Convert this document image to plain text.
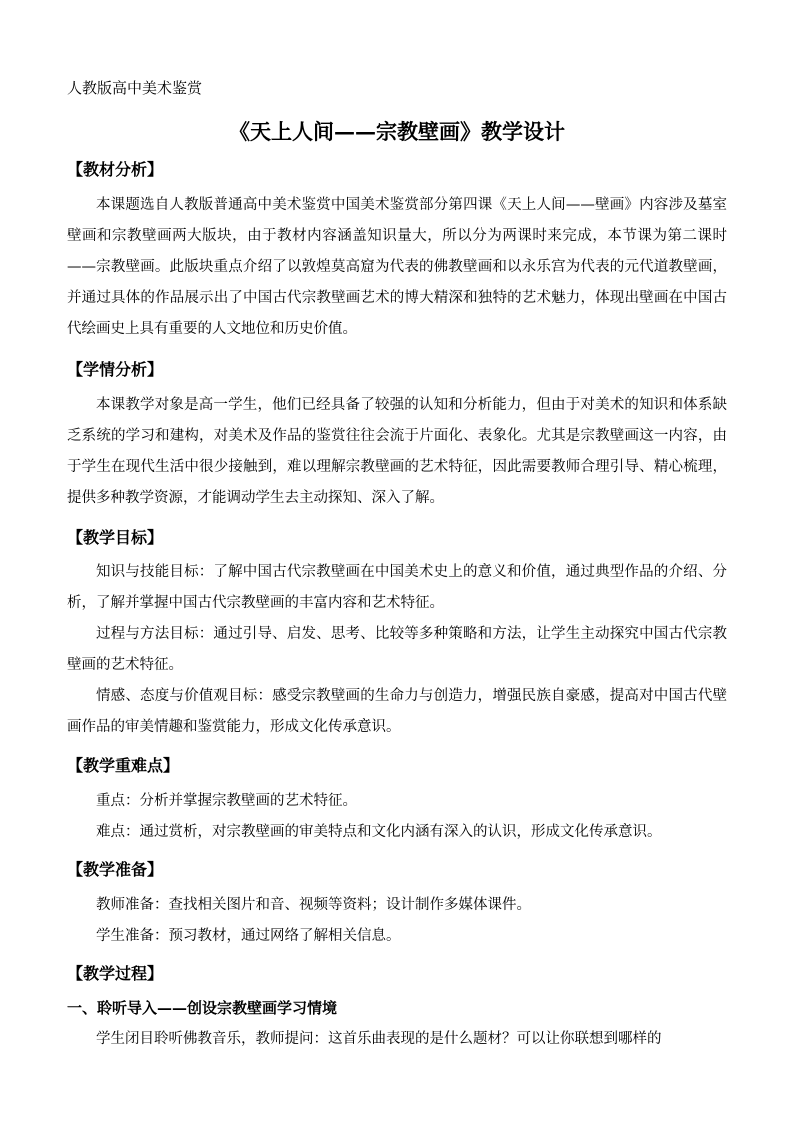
人教版高中美术鉴赏
《天上人间——宗教壁画》教学设计
【教材分析】

本课题选自人教版普通高中美术鉴赏中国美术鉴赏部分第四课《天上人间——壁画》内容涉及墓室壁画和宗教壁画两大版块，由于教材内容涵盖知识量大，所以分为两课时来完成，本节课为第二课时——宗教壁画。此版块重点介绍了以敦煌莫高窟为代表的佛教壁画和以永乐宫为代表的元代道教壁画，并通过具体的作品展示出了中国古代宗教壁画艺术的博大精深和独特的艺术魅力，体现出壁画在中国古代绘画史上具有重要的人文地位和历史价值。

【学情分析】

本课教学对象是高一学生，他们已经具备了较强的认知和分析能力，但由于对美术的知识和体系缺乏系统的学习和建构，对美术及作品的鉴赏往往会流于片面化、表象化。尤其是宗教壁画这一内容，由于学生在现代生活中很少接触到，难以理解宗教壁画的艺术特征，因此需要教师合理引导、精心梳理，提供多种教学资源，才能调动学生去主动探知、深入了解。

【教学目标】

知识与技能目标：了解中国古代宗教壁画在中国美术史上的意义和价值，通过典型作品的介绍、分析，了解并掌握中国古代宗教壁画的丰富内容和艺术特征。

过程与方法目标：通过引导、启发、思考、比较等多种策略和方法，让学生主动探究中国古代宗教壁画的艺术特征。

情感、态度与价值观目标：感受宗教壁画的生命力与创造力，增强民族自豪感，提高对中国古代壁画作品的审美情趣和鉴赏能力，形成文化传承意识。

【教学重难点】

重点：分析并掌握宗教壁画的艺术特征。

难点：通过赏析，对宗教壁画的审美特点和文化内涵有深入的认识，形成文化传承意识。

【教学准备】

教师准备：查找相关图片和音、视频等资料；设计制作多媒体课件。

学生准备：预习教材，通过网络了解相关信息。

【教学过程】
一、聆听导入——创设宗教壁画学习情境

学生闭目聆听佛教音乐，教师提问：这首乐曲表现的是什么题材？可以让你联想到哪样的
